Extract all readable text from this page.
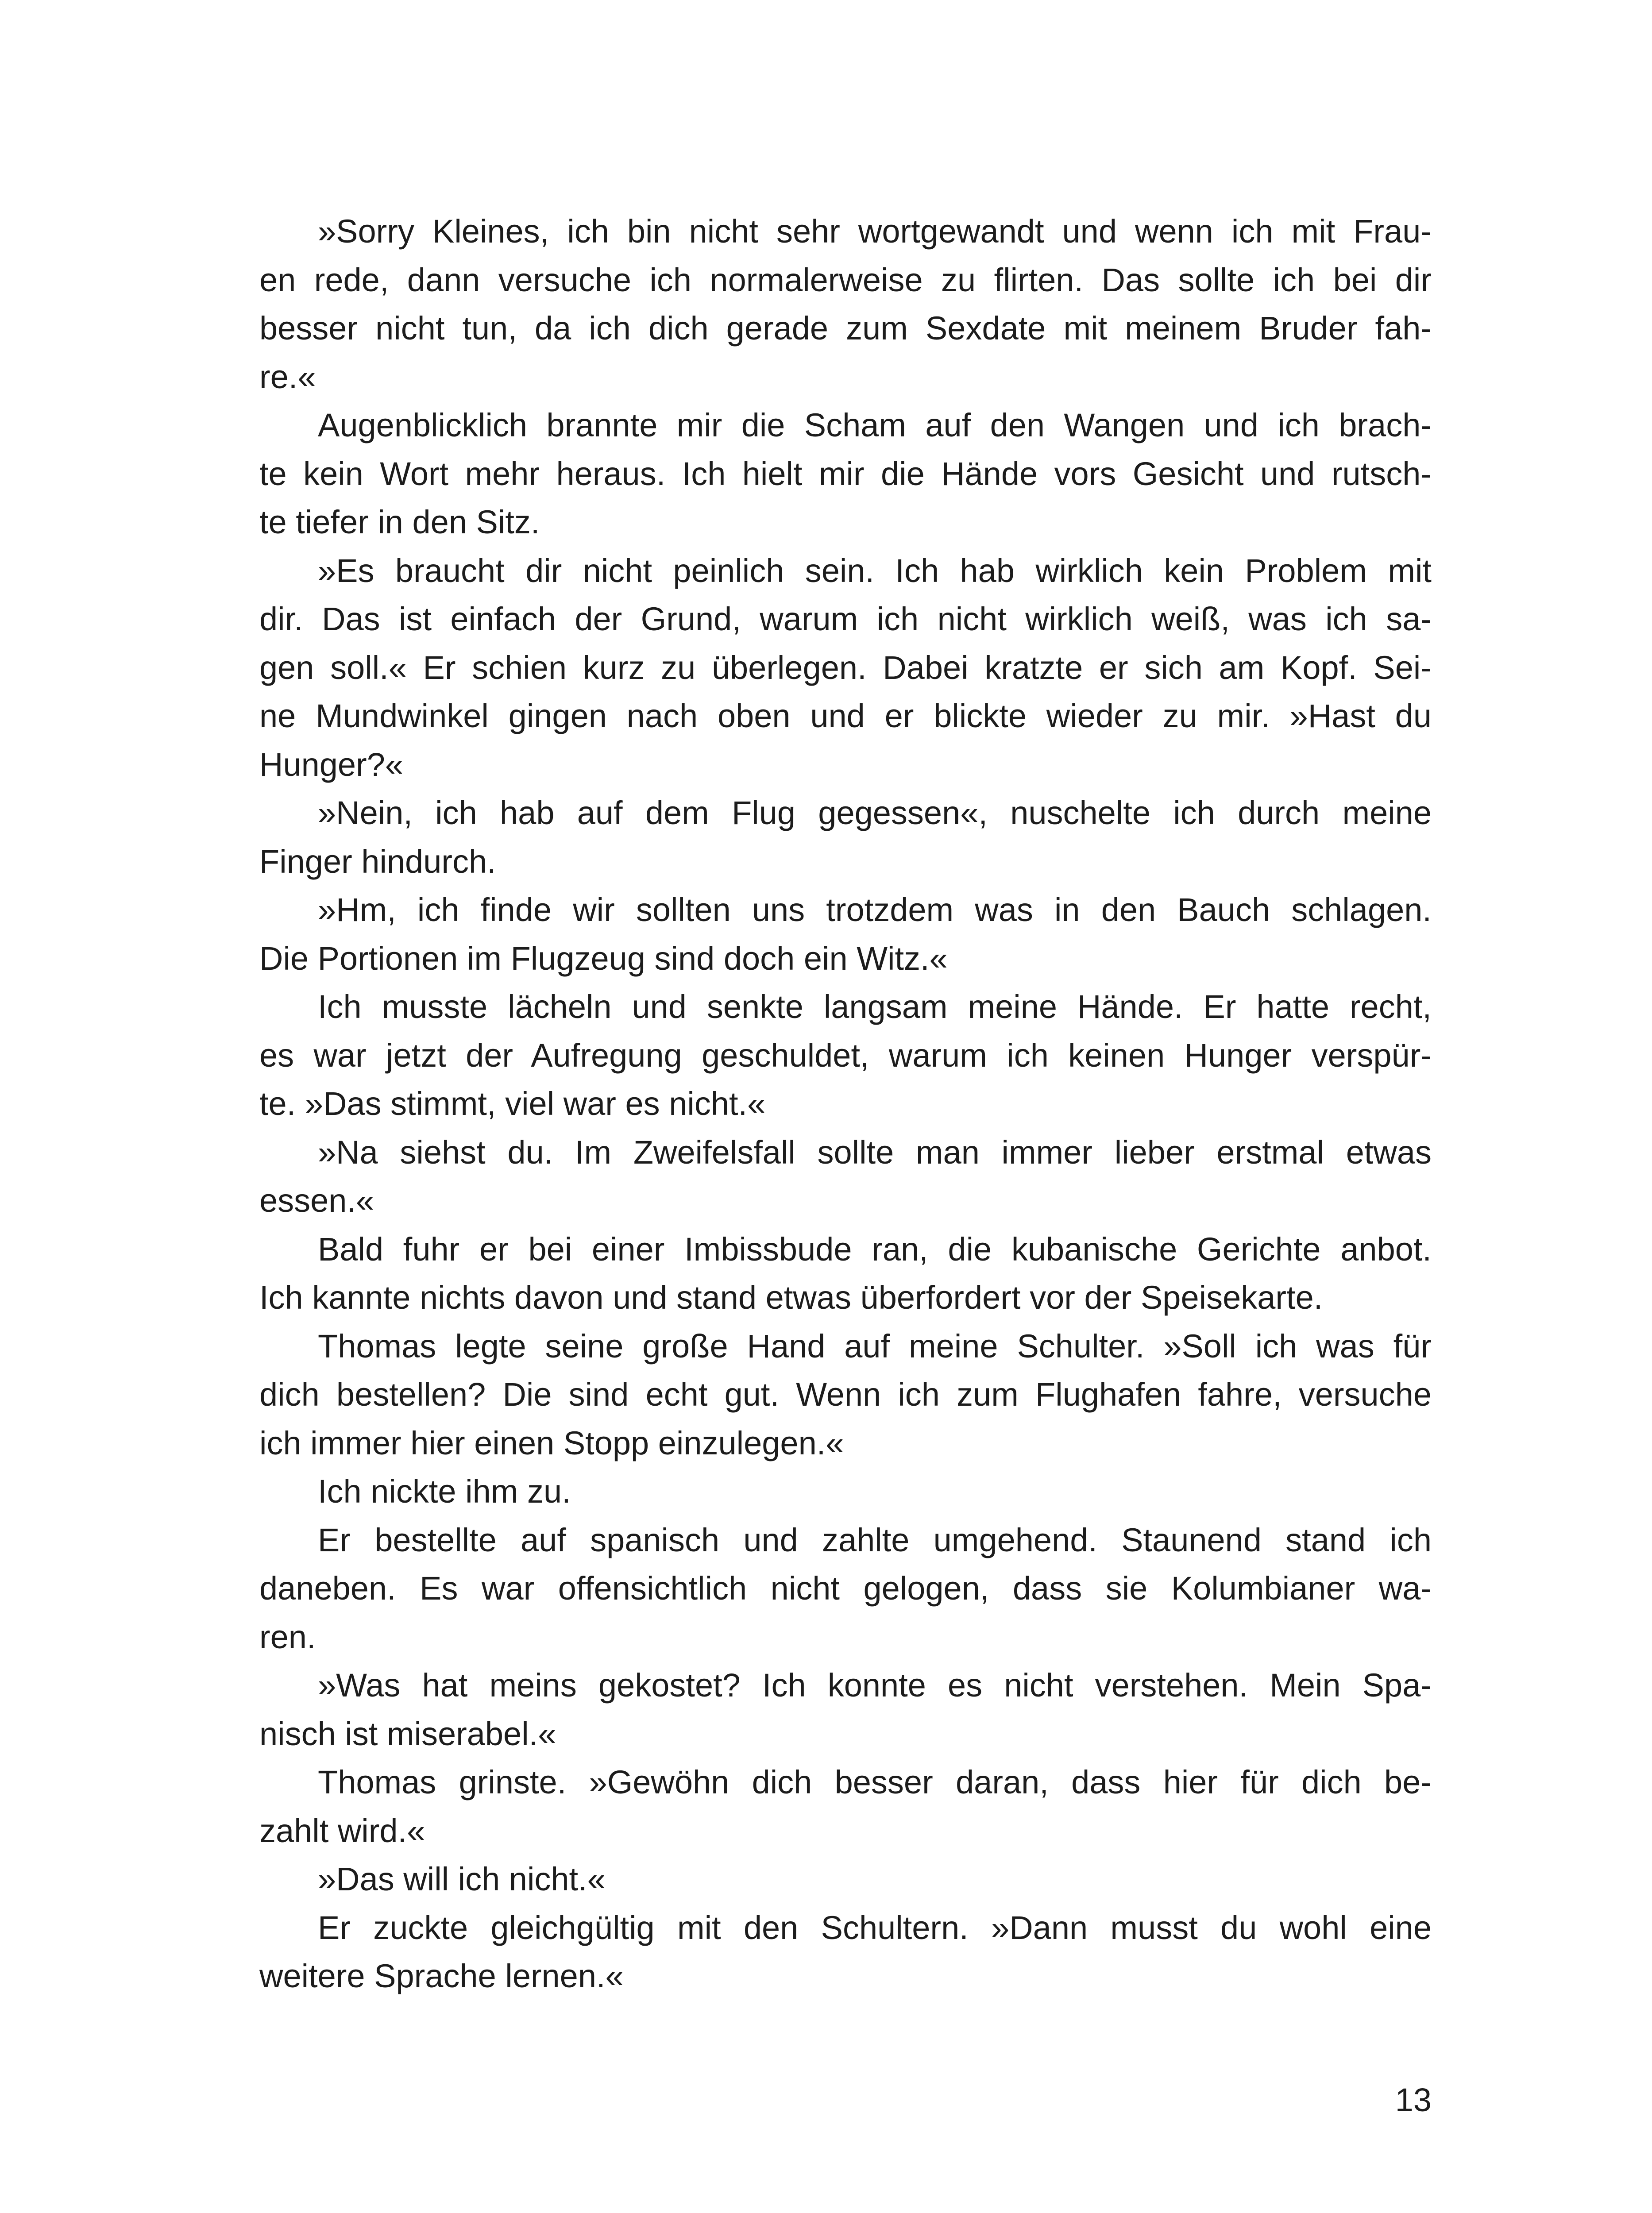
»Sorry Kleines, ich bin nicht sehr wortgewandt und wenn ich mit Frau-
en rede, dann versuche ich normalerweise zu flirten. Das sollte ich bei dir
besser nicht tun, da ich dich gerade zum Sexdate mit meinem Bruder fah-
re.«
Augenblicklich brannte mir die Scham auf den Wangen und ich brach-
te kein Wort mehr heraus. Ich hielt mir die Hände vors Gesicht und rutsch-
te tiefer in den Sitz.
»Es braucht dir nicht peinlich sein. Ich hab wirklich kein Problem mit
dir. Das ist einfach der Grund, warum ich nicht wirklich weiß, was ich sa-
gen soll.« Er schien kurz zu überlegen. Dabei kratzte er sich am Kopf. Sei-
ne Mundwinkel gingen nach oben und er blickte wieder zu mir. »Hast du
Hunger?«
»Nein, ich hab auf dem Flug gegessen«, nuschelte ich durch meine
Finger hindurch.
»Hm, ich finde wir sollten uns trotzdem was in den Bauch schlagen.
Die Portionen im Flugzeug sind doch ein Witz.«
Ich musste lächeln und senkte langsam meine Hände. Er hatte recht,
es war jetzt der Aufregung geschuldet, warum ich keinen Hunger verspür-
te. »Das stimmt, viel war es nicht.«
»Na siehst du. Im Zweifelsfall sollte man immer lieber erstmal etwas
essen.«
Bald fuhr er bei einer Imbissbude ran, die kubanische Gerichte anbot.
Ich kannte nichts davon und stand etwas überfordert vor der Speisekarte.
Thomas legte seine große Hand auf meine Schulter. »Soll ich was für
dich bestellen? Die sind echt gut. Wenn ich zum Flughafen fahre, versuche
ich immer hier einen Stopp einzulegen.«
Ich nickte ihm zu.
Er bestellte auf spanisch und zahlte umgehend. Staunend stand ich
daneben. Es war offensichtlich nicht gelogen, dass sie Kolumbianer wa-
ren.
»Was hat meins gekostet? Ich konnte es nicht verstehen. Mein Spa-
nisch ist miserabel.«
Thomas grinste. »Gewöhn dich besser daran, dass hier für dich be-
zahlt wird.«
»Das will ich nicht.«
Er zuckte gleichgültig mit den Schultern. »Dann musst du wohl eine
weitere Sprache lernen.«
13
